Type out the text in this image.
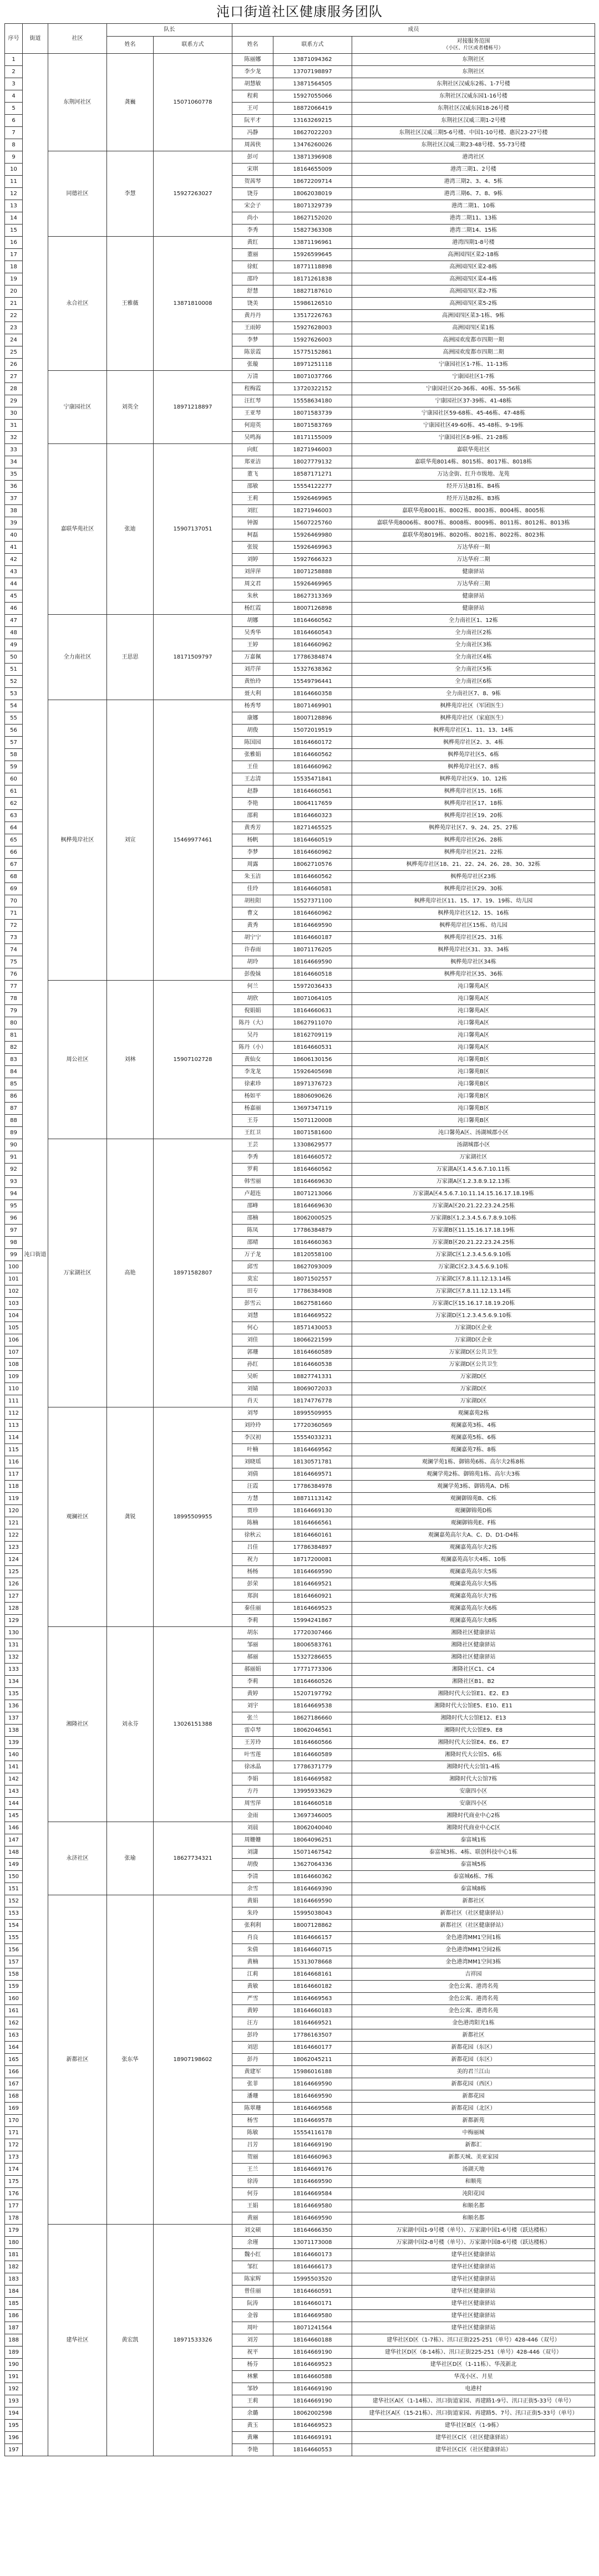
沌口街道社区健康服务团队
序号	街道	社区	队长		成员		
			姓名	联系方式	姓名	联系方式	对接服务范围
（小区、片区或者楼栋号）

1	沌口街道	东荆河社区	龚巍	15071060778	陈丽娜	13871094362	东荆社区
2					李少龙	13707198897	东荆社区
3					胡慧敏	13871564505	东荆社区汉威东2栋、1-7号楼
4					程莉	15927055066	东荆社区汉威东园1-16号楼
5					王可	18872066419	东荆社区汉威东园18-26号楼
6					阮平才	13163269215	东荆社区汉威三期1-2号楼
7					冯静	18627022203	东荆社区汉威三期5-6号楼、中国1-10号楼、惠民23-27号楼
8					周茜侠	13476260026	东荆社区汉威三期23-48号楼、55-73号楼
9		同德社区	李慧	15927263027	彭可	13871396908	港湾社区
10					宋琪	18164655009	港湾三期1、2号楼
11					贺茜琴	18672209714	港湾三期2、3、4、5栋
12					饶芬	18062038019	港湾三期6、7、8、9栋
13					宋会子	18071329739	港湾二期1、10栋
14					尚小	18627152020	港湾二期11、13栋
15					李秀	15827363308	港湾二期14、15栋
16		永合社区	王雅薇	13871810008	黄红	13871196961	港湾四期1-8号楼
17					董丽	15926599645	高洲园四区菜2-18栋
18					徐虹	18771118898	高洲园四区菜2-8栋
19					邵玲	18171261838	高洲园四区菜4-4栋
20					舒慧	18827187610	高洲园四区菜2-7栋
21					饶美	15986126510	高洲园四区菜5-2栋
22					黄丹丹	13517226763	高洲园四区菜3-1栋、9栋
23					王雨婷	15927628003	高洲园四区菜1栋
24					李梦	15927626003	高洲园欢度都市四期一期
25					陈景霞	15775152861	高洲园欢度都市四期二期
26					张璇	18971251118	宁康园社区1-7栋、11-13栋
27		宁康园社区	刘英全	18971218897	万清	18071037766	宁康园社区1-7栋
28					程梅霞	13720322152	宁康园社区20-36栋、40栋、55-56栋
29					汪红琴	15558634180	宁康园社区37-39栋、41-48栋
30					王亚琴	18071583739	宁康园社区59-68栋、45-46栋、47-48栋
31					何迎英	18071583769	宁康园社区49-60栋、45-48栋、9-19栋
32					吴鸣海	18171155009	宁康园社区8-9栋、21-28栋
33		嘉联华苑社区	张迪	15907137051	向虹	18271946003	嘉联华苑社区
34					郑亚洁	18027779132	嘉联华苑8014栋、8015栋、8017栋、8018栋
35					董飞	18587171271	万达金街、红升市级地、龙苑
36					邵敏	15554122277	经开万达B1栋、B4栋
37					王莉	15926469965	经开万达B2栋、B3栋
38					刘红	18271946003	嘉联华苑8001栋、8002栋、8003栋、8004栋、8005栋
39					钟源	15607225760	嘉联华苑8006栋、8007栋、8008栋、8009栋、8011栋、8012栋、8013栋
40					柯磊	15926469980	嘉联华苑8019栋、8020栋、8021栋、8022栋、8023栋
41					张锐	15926469963	万达华府一期
42					刘婷	15927666323	万达华府二期
43					刘萍萍	18071258888	健康驿站
44					周文君	15926469965	万达华府三期
45					朱秋	18627313369	健康驿站
46					杨红霞	18007126898	健康驿站
47		全力南社区	王思思	18171509797	胡娜	18164660562	全力南社区1、12栋
48					吴秀华	18164660543	全力南社区2栋
49					王婷	18164660962	全力南社区3栋
50					万嘉佩	17786384874	全力南社区4栋
51					刘芹萍	15327638362	全力南社区5栋
52					黄怡玲	15549796441	全力南社区6栋
53					聂大利	18164660358	全力南社区7、8、9栋
54		枫桦苑岸社区	刘宣	15469977461	杨秀琴	18071469901	枫桦苑岸社区（军团医生）
55					康娜	18007128896	枫桦苑岸社区（家庭医生）
56					胡俊	15072019519	枫桦苑岸社区1、11、13、14栋
57					陈国园	18164660172	枫桦苑岸社区2、3、4栋
58					张雅娟	18164660562	枫桦苑岸社区5、6栋
59					王佳	18164660962	枫桦苑岸社区7、8栋
60					王志清	15535471841	枫桦苑岸社区9、10、12栋
61					赵静	18164660561	枫桦苑岸社区15、16栋
62					李艳	18064117659	枫桦苑岸社区17、18栋
63					邵莉	18164660323	枫桦苑岸社区19、20栋
64					黄秀芳	18271465525	枫桦苑岸社区7、9、24、25、27栋
65					杨帆	18164660519	枫桦苑岸社区26、28栋
66					李梦	18164660962	枫桦苑岸社区21、22栋
67					周露	18062710576	枫桦苑岸社区18、21、22、24、26、28、30、32栋
68					朱玉洁	18164660562	枫桦苑岸社区23栋
69					佳玲	18164660581	枫桦苑岸社区29、30栋
70					胡桂阳	15527371100	枫桦苑岸社区11、15、17、19、19栋、幼儿园
71					曹文	18164660962	枫桦苑岸社区12、15、16栋
72					黄秀	18164669590	枫桦苑岸社区15栋、幼儿园
73					胡宁宁	18164660187	枫桦苑岸社区25、31栋
74					许春雨	18071176205	枫桦苑岸社区31、33、34栋
75					胡玲	18164669590	枫桦苑岸社区34栋
76					彭俊妹	18164660518	枫桦苑岸社区35、36栋
77		周公社区	刘林	15907102728	何兰	15972036433	沌口馨苑A区
78					胡欣	18071064105	沌口馨苑A区
79					倪娟娟	18164660631	沌口馨苑A区
80					陈丹（大）	18627911070	沌口馨苑A区
81					吴丹	18162709119	沌口馨苑A区
82					陈丹（小）	18164660531	沌口馨苑A区
83					黄仙女	18606130156	沌口馨苑B区
84					李龙龙	15926405698	沌口馨苑B区
85					徐素珍	18971376723	沌口馨苑B区
86					杨如平	18806090626	沌口馨苑B区
87					杨嘉丽	13697347119	沌口馨苑B区
88					王芬	15071120008	沌口馨苑B区
89					王红卫	18071581600	沌口馨苑A区、汤湖城郡小区
90		万家湖社区	高艳	18971582807	王芸	13308629577	汤湖城郡小区
91					李秀	18164660572	万家湖社区
92					罗莉	18164660562	万家湖A区1.4.5.6.7.10.11栋
93					韩雪丽	18164669630	万家湖A区1.2.3.8.9.12.13栋
94					卢超连	18071213066	万家湖A区4.5.6.7.10.11.14.15.16.17.18.19栋
95					邵峰	18164669630	万家湖A区20.21.22.23.24.25栋
96					邵楠	18062000525	万家湖B区1.2.3.4.5.6.7.8.9.10栋
97					陈凤	17786384879	万家湖B区11.15.16.17.18.19栋
98					邵晴	18164660363	万家湖B区20.21.22.23.24.25栋
99					万子龙	18120558100	万家湖C区1.2.3.4.5.6.9.10栋
100					邱雪	18627093009	万家湖C区2.3.4.5.6.9.10栋
101					莫宏	18071502557	万家湖C区7.8.11.12.13.14栋
102					田专	17786384908	万家湖C区7.8.11.12.13.14栋
103					彭雪云	18627581660	万家湖C区15.16.17.18.19.20栋
104					刘慧	18164669522	万家湖D区1.2.3.4.5.6.9.10栋
105					何心	18571430053	万家湖D区企业
106					刘佳	18066221599	万家湖D区企业
107					郭珊	18164660589	万家湖D区公共卫生
108					孙红	18164660538	万家湖D区公共卫生
109					吴昕	18827741331	万家湖D区
110					刘婧	18069072033	万家湖D区
111					肖天	18174776778	万家湖D区
112		观澜社区	龚锐	18995509955	刘琴	18995509955	观澜嘉苑2栋
113					刘玲玲	17720360569	观澜嘉苑3栋、4栋
114					李汉初	15554033231	观澜嘉苑5栋、6栋
115					叶楠	18164669562	观澜嘉苑7栋、8栋
116					刘晓瑶	18130571781	观澜学苑1栋、御锦苑6栋、高尔夫2栋8栋
117					刘倩	18164669571	观澜学苑2栋、御锦苑1栋、高尔夫3栋
118					汪霞	17786384978	观澜学苑3栋、御锦苑A、D栋
119					方慧	18871113142	观澜御锦苑B、C栋
120					贾珍	18164669130	观澜御锦苑D栋
121					陈楠	18164666561	观澜御锦苑E、F栋
122					徐秋云	18164660161	观澜嘉苑高尔夫A、C、D、D1-D4栋
123					吕佳	17786384897	观澜嘉苑高尔夫2栋
124					祝力	18717200081	观澜嘉苑高尔夫4栋、10栋
125					杨杨	18164669590	观澜嘉苑高尔夫5栋
126					彭荣	18164669521	观澜嘉苑高尔夫5栋
127					郑润	18164660921	观澜嘉苑高尔夫7栋
128					秦佳丽	18164669523	观澜嘉苑高尔夫6栋
129					李莉	15994241867	观澜嘉苑高尔夫8栋
130		湘隆社区	刘永芬	13026151388	胡东	17720307466	湘隆社区健康驿站
131					邹丽	18006583761	湘隆社区健康驿站
132					郝丽	15327286655	湘隆社区健康驿站
133					郝丽娟	17771773306	湘隆社区C1、C4
134					李莉	18164660526	湘隆社区B1、B2
135					黄婷	15207197792	湘隆时代大公馆E1、E2、E3
136					刘宇	18164669538	湘隆时代大公馆E5、E10、E11
137					张兰	18627186660	湘隆时代大公馆E12、E13
138					雷卓琴	18062046561	湘隆时代大公馆E9、E8
139					王芳玲	18164660566	湘隆时代大公馆E4、E6、E7
140					叶雪莲	18164660589	湘隆时代大公馆5、6栋
141					徐冰晶	17786371779	湘隆时代大公馆1-4栋
142					李娟	18164669582	湘隆时代大公馆7栋
143					方丹	13995933629	安康四小区
144					周雪萍	18164660518	安康四小区
145					金雨	13697346005	湘隆时代商业中心2栋
146		永济社区	张瑜	18627734321	刘晨	18062040040	湘隆时代商业中心C区
147					周姗姗	18064096251	泰富城1栋
148					刘潇	15071467542	泰富城3栋、4栋、联创科技中心1栋
149					胡俊	13627064336	泰富城5栋
150					李清	18164660362	泰富城6栋、7栋
151					余雪	18164669390	泰富城8栋
152		新都社区	张东华	18907198602	黄娟	18164669590	新都社区
153					朱玲	15995038043	新都社区（社区健康驿站）
154					张利利	18007128862	新都社区（社区健康驿站）
155					肖良	18164666157	金色港湾MM1空间1栋
156					朱倩	18164660715	金色港湾MM1空间2栋
157					黄楠	15313078668	金色港湾MM1空间3栋
158					江莉	18164668161	吉祥园
159					黄敏	18164660182	金色公寓、港湾名苑
160					严雪	18164669563	金色公寓、港湾名苑
161					黄婷	18164660183	金色公寓、港湾名苑
162					汪方	18164669521	金色港湾阳光1栋
163					彭玲	17786163507	新都社区
164					刘思	18164660177	新都花园（东区）
165					彭丹	18062045211	新都花园（东区）
166					黄建军	15986016188	美的君兰江山
167					张菲	18164669590	新都花园（西区）
168					潘珊	18164669590	新都花园
169					陈翠珊	18164669568	新都花园（北区）
170					杨雪	18164669578	新都新苑
171					陈敏	15554116178	中梅丽城
172					吕芳	18164669190	新都汇
173					贺丽	18164660963	新都天城、美亚家园
174					王兰	18164669176	汤湖天地
175					徐涛	18164669590	和顺苑
176					何芬	18164669584	沌阳花园
177					王娟	18164669580	和顺名都
178					黄丽	18164669590	和顺名都
179		建华社区	黄宏凯	18971533326	刘文硕	18164666350	万家湖中国1-9号楼（单号）、万家湖中国1-6号楼（跃达楼栋）
180					余瑾	13071173008	万家湖中国2-8号楼（单号）、万家湖中国8-6号楼（跃达楼栋）
181					魏小红	18164660173	建华社区健康驿站
182					邹红	18164666173	建华社区健康驿站
183					陈家辉	15995503520	建华社区健康驿站
184					曾佳丽	18164660591	建华社区健康驿站
185					阮涛	18164660171	建华社区健康驿站
186					金蓉	18164669580	建华社区健康驿站
187					周叶	18071241564	建华社区健康驿站
188					刘芳	18164660188	建华社区D区（1-7栋）、汛口正街225-251（单号）428-446（双号）
189					祝平	18164669190	建华社区D区（8-14栋）、汛口正街225-251（单号）428-446（双号）
190					杨芬	18164669523	建华社区D区（1-11栋）、华茂新北
191					林紫	18164660588	华茂小区、月星
192					邹妙	18164669190	电港村
193					王莉	18164669190	建华社区A区（1-14栋）、汛口街道家园、再建路1-9号、汛口正街5-33号（单号）
194					余璐	18062002598	建华社区A区（15-21栋）、汛口街道家园、再建路5、7号、汛口正街5-33号（单号）
195					黄玉	18164669523	建华社区B区（1-9栋）
196					黄琳	18164669191	建华社区C区（社区健康驿站）
197					李艳	18164660553	建华社区C区（社区健康驿站）
